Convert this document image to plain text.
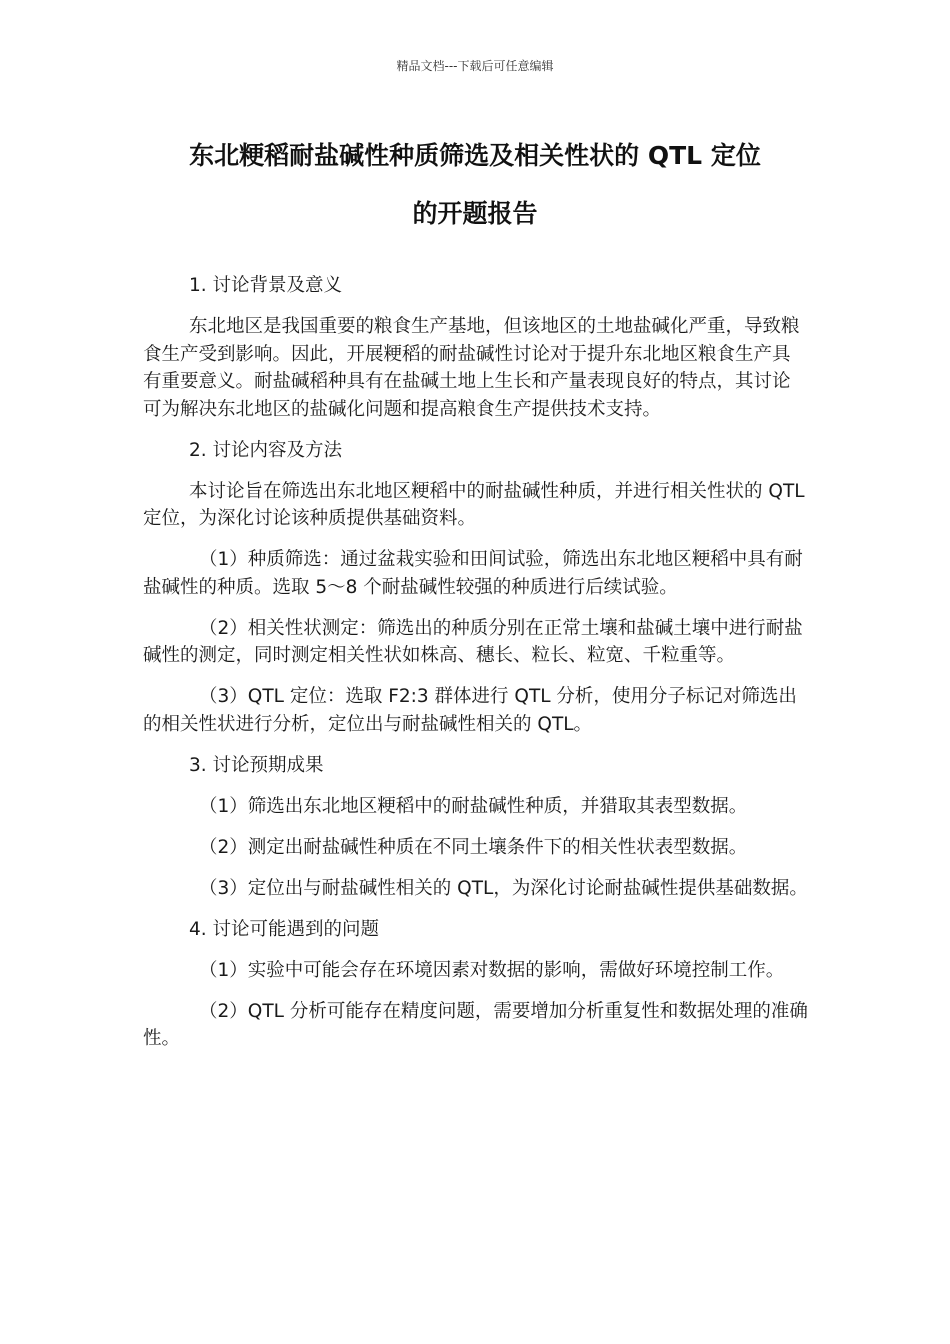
精品文档---下载后可任意编辑
东北粳稻耐盐碱性种质筛选及相关性状的 QTL 定位
的开题报告

1. 讨论背景及意义

东北地区是我国重要的粮食生产基地，但该地区的土地盐碱化严重，导致粮食生产受到影响。因此，开展粳稻的耐盐碱性讨论对于提升东北地区粮食生产具有重要意义。耐盐碱稻种具有在盐碱土地上生长和产量表现良好的特点，其讨论可为解决东北地区的盐碱化问题和提高粮食生产提供技术支持。

2. 讨论内容及方法

本讨论旨在筛选出东北地区粳稻中的耐盐碱性种质，并进行相关性状的 QTL 定位，为深化讨论该种质提供基础资料。

（1）种质筛选：通过盆栽实验和田间试验，筛选出东北地区粳稻中具有耐盐碱性的种质。选取 5～8 个耐盐碱性较强的种质进行后续试验。

（2）相关性状测定：筛选出的种质分别在正常土壤和盐碱土壤中进行耐盐碱性的测定，同时测定相关性状如株高、穗长、粒长、粒宽、千粒重等。

（3）QTL 定位：选取 F2:3 群体进行 QTL 分析，使用分子标记对筛选出的相关性状进行分析，定位出与耐盐碱性相关的 QTL。

3. 讨论预期成果

（1）筛选出东北地区粳稻中的耐盐碱性种质，并猎取其表型数据。

（2）测定出耐盐碱性种质在不同土壤条件下的相关性状表型数据。

（3）定位出与耐盐碱性相关的 QTL，为深化讨论耐盐碱性提供基础数据。

4. 讨论可能遇到的问题

（1）实验中可能会存在环境因素对数据的影响，需做好环境控制工作。

（2）QTL 分析可能存在精度问题，需要增加分析重复性和数据处理的准确性。
